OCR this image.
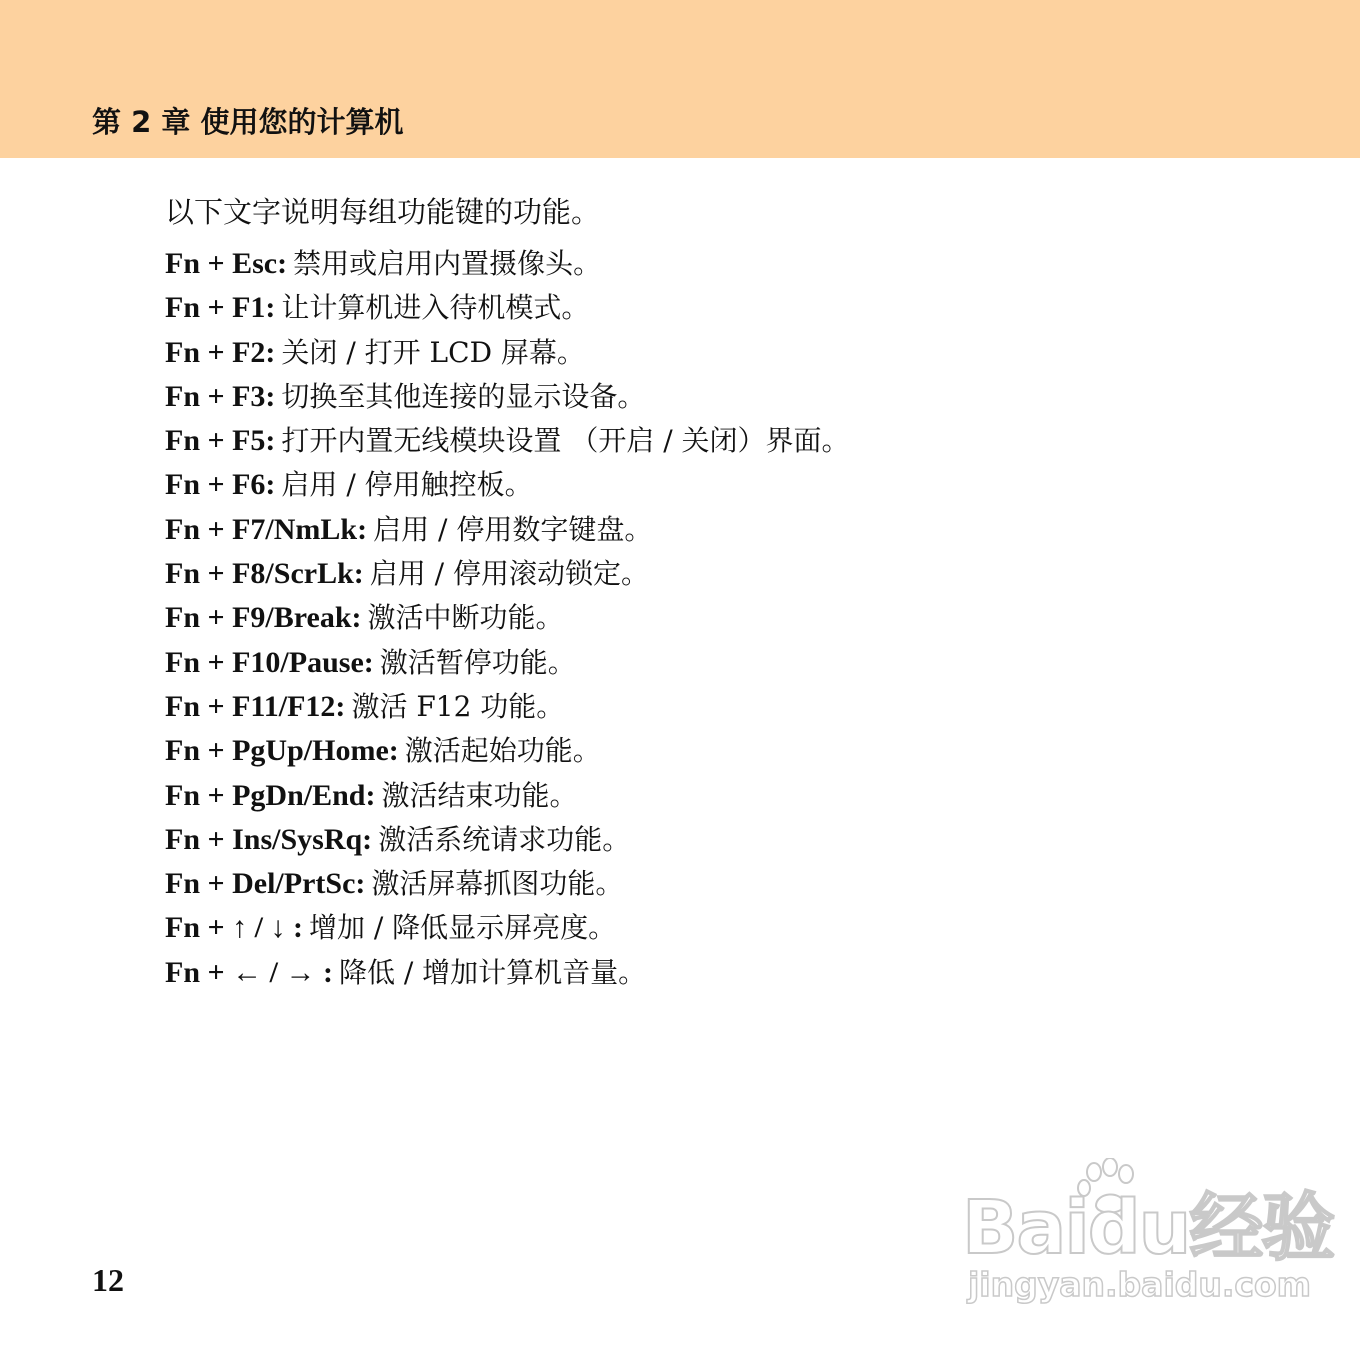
第 2 章 使用您的计算机
以下文字说明每组功能键的功能。
Fn + Esc: 禁用或启用内置摄像头。
Fn + F1: 让计算机进入待机模式。
Fn + F2: 关闭 / 打开 LCD 屏幕。
Fn + F3: 切换至其他连接的显示设备。
Fn + F5: 打开内置无线模块设置 （开启 / 关闭）界面。
Fn + F6: 启用 / 停用触控板。
Fn + F7/NmLk: 启用 / 停用数字键盘。
Fn + F8/ScrLk: 启用 / 停用滚动锁定。
Fn + F9/Break: 激活中断功能。
Fn + F10/Pause: 激活暂停功能。
Fn + F11/F12: 激活 F12 功能。
Fn + PgUp/Home: 激活起始功能。
Fn + PgDn/End: 激活结束功能。
Fn + Ins/SysRq: 激活系统请求功能。
Fn + Del/PrtSc: 激活屏幕抓图功能。
Fn + ↑ / ↓ : 增加 / 降低显示屏亮度。
Fn + ← / → : 降低 / 增加计算机音量。
12
Baidu经验
jingyan.baidu.com
